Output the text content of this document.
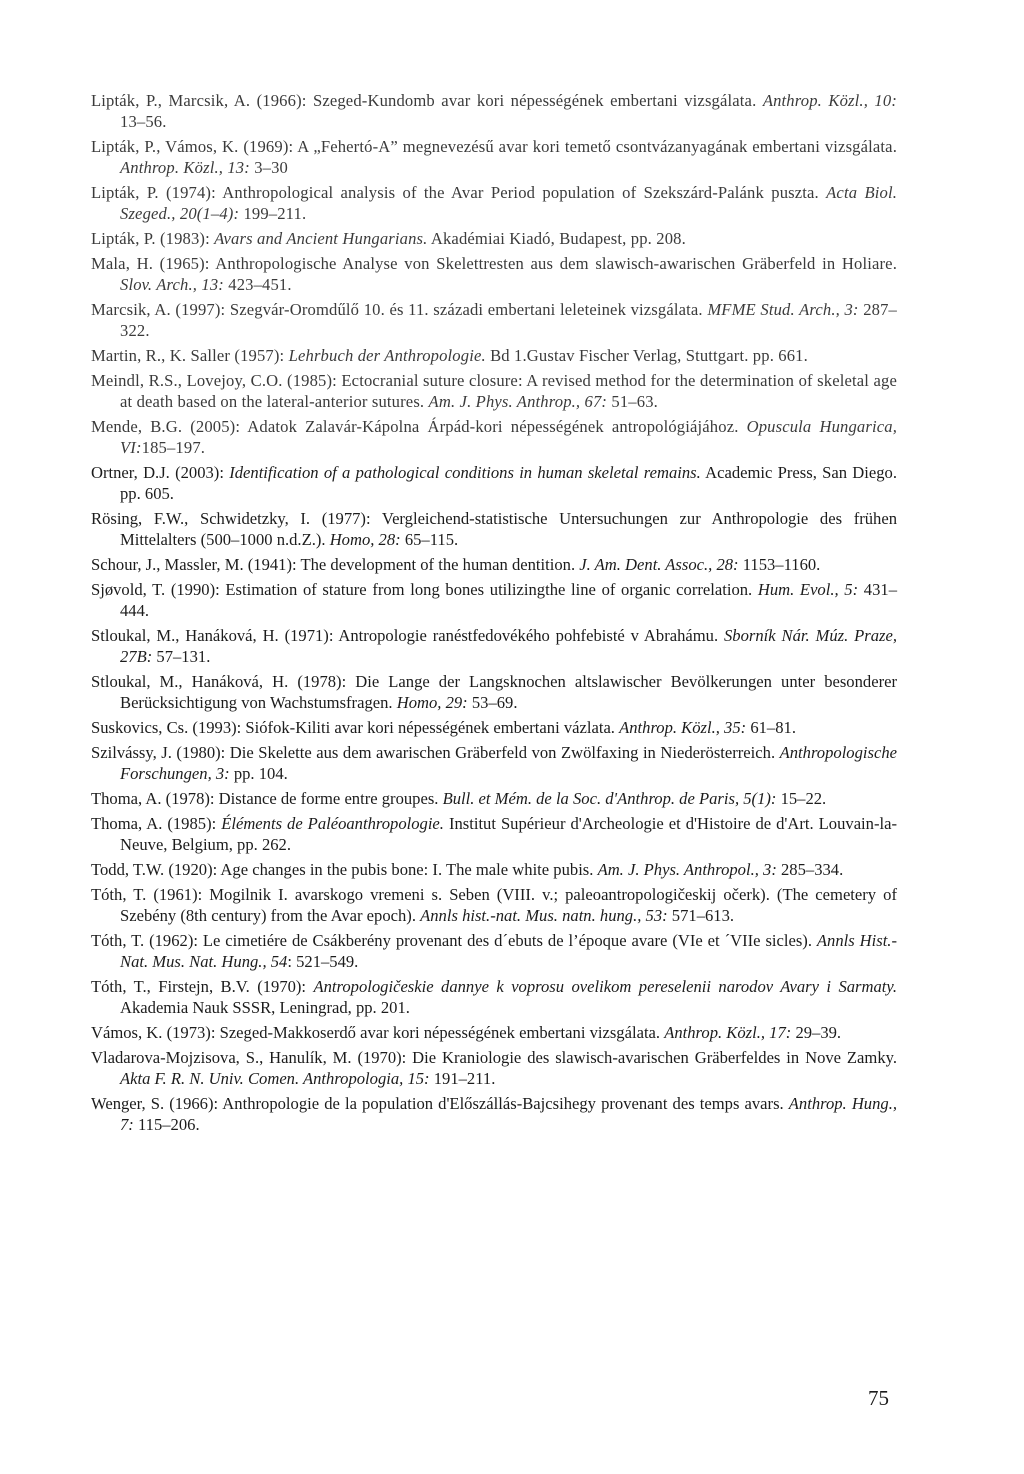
Lipták, P., Marcsik, A. (1966): Szeged-Kundomb avar kori népességének embertani vizsgálata. Anthrop. Közl., 10: 13–56.
Lipták, P., Vámos, K. (1969): A „Fehertó-A” megnevezésű avar kori temető csontvázanyagának embertani vizsgálata. Anthrop. Közl., 13: 3–30
Lipták, P. (1974): Anthropological analysis of the Avar Period population of Szekszárd-Palánk puszta. Acta Biol. Szeged., 20(1–4): 199–211.
Lipták, P. (1983): Avars and Ancient Hungarians. Akadémiai Kiadó, Budapest, pp. 208.
Mala, H. (1965): Anthropologische Analyse von Skelettresten aus dem slawisch-awarischen Gräberfeld in Holiare. Slov. Arch., 13: 423–451.
Marcsik, A. (1997): Szegvár-Oromdűlő 10. és 11. századi embertani leleteinek vizsgálata. MFME Stud. Arch., 3: 287–322.
Martin, R., K. Saller (1957): Lehrbuch der Anthropologie. Bd 1.Gustav Fischer Verlag, Stuttgart. pp. 661.
Meindl, R.S., Lovejoy, C.O. (1985): Ectocranial suture closure: A revised method for the determination of skeletal age at death based on the lateral-anterior sutures. Am. J. Phys. Anthrop., 67: 51–63.
Mende, B.G. (2005): Adatok Zalavár-Kápolna Árpád-kori népességének antropológiájához. Opuscula Hungarica, VI:185–197.
Ortner, D.J. (2003): Identification of a pathological conditions in human skeletal remains. Academic Press, San Diego. pp. 605.
Rösing, F.W., Schwidetzky, I. (1977): Vergleichend-statistische Untersuchungen zur Anthropologie des frühen Mittelalters (500–1000 n.d.Z.). Homo, 28: 65–115.
Schour, J., Massler, M. (1941): The development of the human dentition. J. Am. Dent. Assoc., 28: 1153–1160.
Sjøvold, T. (1990): Estimation of stature from long bones utilizingthe line of organic correlation. Hum. Evol., 5: 431–444.
Stloukal, M., Hanáková, H. (1971): Antropologie ranéstfedovékého pohfebisté v Abrahámu. Sborník Nár. Múz. Praze, 27B: 57–131.
Stloukal, M., Hanáková, H. (1978): Die Lange der Langsknochen altslawischer Bevölkerungen unter besonderer Berücksichtigung von Wachstumsfragen. Homo, 29: 53–69.
Suskovics, Cs. (1993): Siófok-Kiliti avar kori népességének embertani vázlata. Anthrop. Közl., 35: 61–81.
Szilvássy, J. (1980): Die Skelette aus dem awarischen Gräberfeld von Zwölfaxing in Niederösterreich. Anthropologische Forschungen, 3: pp. 104.
Thoma, A. (1978): Distance de forme entre groupes. Bull. et Mém. de la Soc. d'Anthrop. de Paris, 5(1): 15–22.
Thoma, A. (1985): Éléments de Paléoanthropologie. Institut Supérieur d'Archeologie et d'Histoire de d'Art. Louvain-la-Neuve, Belgium, pp. 262.
Todd, T.W. (1920): Age changes in the pubis bone: I. The male white pubis. Am. J. Phys. Anthropol., 3: 285–334.
Tóth, T. (1961): Mogilnik I. avarskogo vremeni s. Seben (VIII. v.; paleoantropologičeskij očerk). (The cemetery of Szebény (8th century) from the Avar epoch). Annls hist.-nat. Mus. natn. hung., 53: 571–613.
Tóth, T. (1962): Le cimetiére de Csákberény provenant des d´ebuts de l’époque avare (VIe et ´VIIe sicles). Annls Hist.-Nat. Mus. Nat. Hung., 54: 521–549.
Tóth, T., Firstejn, B.V. (1970): Antropologičeskie dannye k voprosu ovelikom pereselenii narodov Avary i Sarmaty. Akademia Nauk SSSR, Leningrad, pp. 201.
Vámos, K. (1973): Szeged-Makkoserdő avar kori népességének embertani vizsgálata. Anthrop. Közl., 17: 29–39.
Vladarova-Mojzisova, S., Hanulík, M. (1970): Die Kraniologie des slawisch-avarischen Gräberfeldes in Nove Zamky. Akta F. R. N. Univ. Comen. Anthropologia, 15: 191–211.
Wenger, S. (1966): Anthropologie de la population d'Előszállás-Bajcsihegy provenant des temps avars. Anthrop. Hung., 7: 115–206.
75
